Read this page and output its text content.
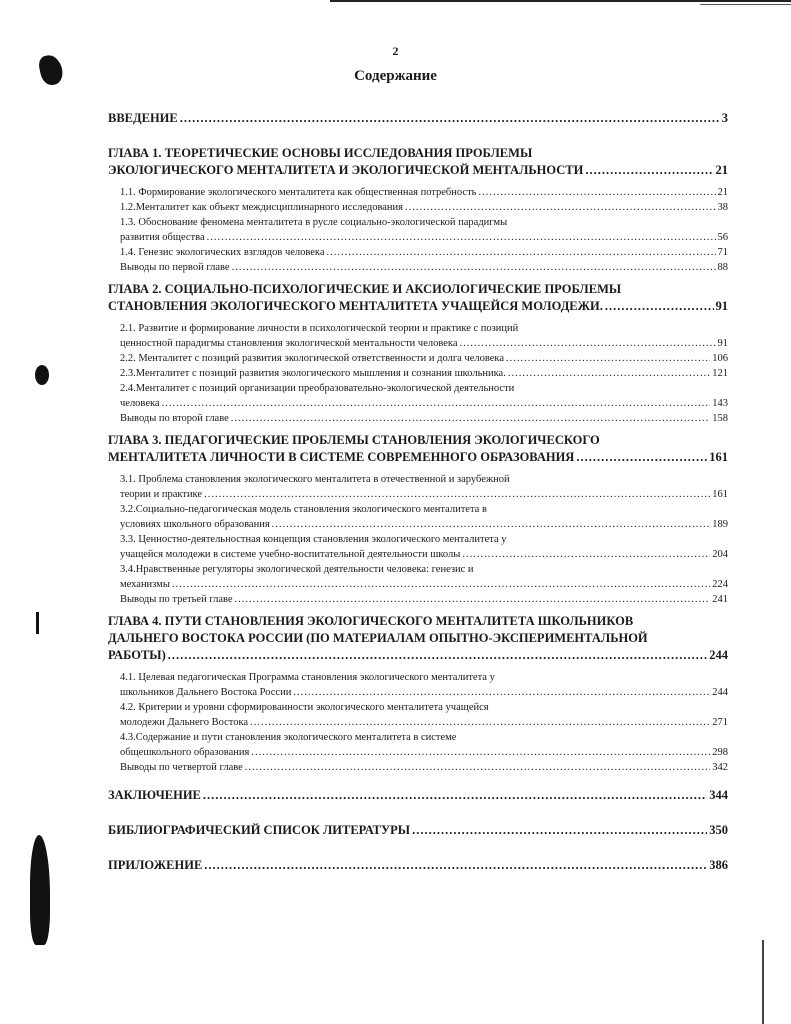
2
Содержание
ВВЕДЕНИЕ .....	3
ГЛАВА 1. ТЕОРЕТИЧЕСКИЕ ОСНОВЫ ИССЛЕДОВАНИЯ ПРОБЛЕМЫ
ЭКОЛОГИЧЕСКОГО МЕНТАЛИТЕТА И ЭКОЛОГИЧЕСКОЙ МЕНТАЛЬНОСТИ .....	21
1.1. Формирование экологического менталитета как общественная потребность .....	21
1.2.Менталитет как объект междисциплинарного исследования .....	38
1.3. Обоснование феномена менталитета в русле социально-экологической парадигмы
развития общества .....	56
1.4. Генезис экологических взглядов человека .....	71
Выводы по первой главе .....	88
ГЛАВА 2. СОЦИАЛЬНО-ПСИХОЛОГИЧЕСКИЕ И АКСИОЛОГИЧЕСКИЕ ПРОБЛЕМЫ
СТАНОВЛЕНИЯ ЭКОЛОГИЧЕСКОГО МЕНТАЛИТЕТА УЧАЩЕЙСЯ МОЛОДЕЖИ. .....	91
2.1. Развитие и формирование личности в психологической теории и практике с позиций
ценностной парадигмы становления экологической ментальности человека .....	91
2.2. Менталитет с позиций развития экологической ответственности и долга человека .....	106
2.3.Менталитет с позиций развития экологического мышления и сознания школьника. .....	121
2.4.Менталитет с позиций организации преобразовательно-экологической деятельности
человека .....	143
Выводы по второй главе .....	158
ГЛАВА 3. ПЕДАГОГИЧЕСКИЕ ПРОБЛЕМЫ СТАНОВЛЕНИЯ ЭКОЛОГИЧЕСКОГО
МЕНТАЛИТЕТА ЛИЧНОСТИ В СИСТЕМЕ СОВРЕМЕННОГО ОБРАЗОВАНИЯ .....	161
3.1. Проблема становления экологического менталитета в отечественной и зарубежной
теории и практике .....	161
3.2.Социально-педагогическая модель становления экологического менталитета в
условиях школьного образования .....	189
3.3. Ценностно-деятельностная концепция становления экологического менталитета у
учащейся молодежи в системе учебно-воспитательной деятельности школы .....	204
3.4.Нравственные регуляторы экологической деятельности человека: генезис и
механизмы .....	224
Выводы по третьей главе .....	241
ГЛАВА 4. ПУТИ СТАНОВЛЕНИЯ ЭКОЛОГИЧЕСКОГО МЕНТАЛИТЕТА ШКОЛЬНИКОВ
ДАЛЬНЕГО ВОСТОКА РОССИИ (ПО МАТЕРИАЛАМ ОПЫТНО-ЭКСПЕРИМЕНТАЛЬНОЙ
РАБОТЫ) .....	244
4.1. Целевая педагогическая Программа становления экологического менталитета у
школьников Дальнего Востока России .....	244
4.2. Критерии и уровни сформированности экологического менталитета учащейся
молодежи Дальнего Востока .....	271
4.3.Содержание и пути становления экологического менталитета в системе
общешкольного образования .....	298
Выводы по четвертой главе .....	342
ЗАКЛЮЧЕНИЕ .....	344
БИБЛИОГРАФИЧЕСКИЙ СПИСОК ЛИТЕРАТУРЫ .....	350
ПРИЛОЖЕНИЕ .....	386
